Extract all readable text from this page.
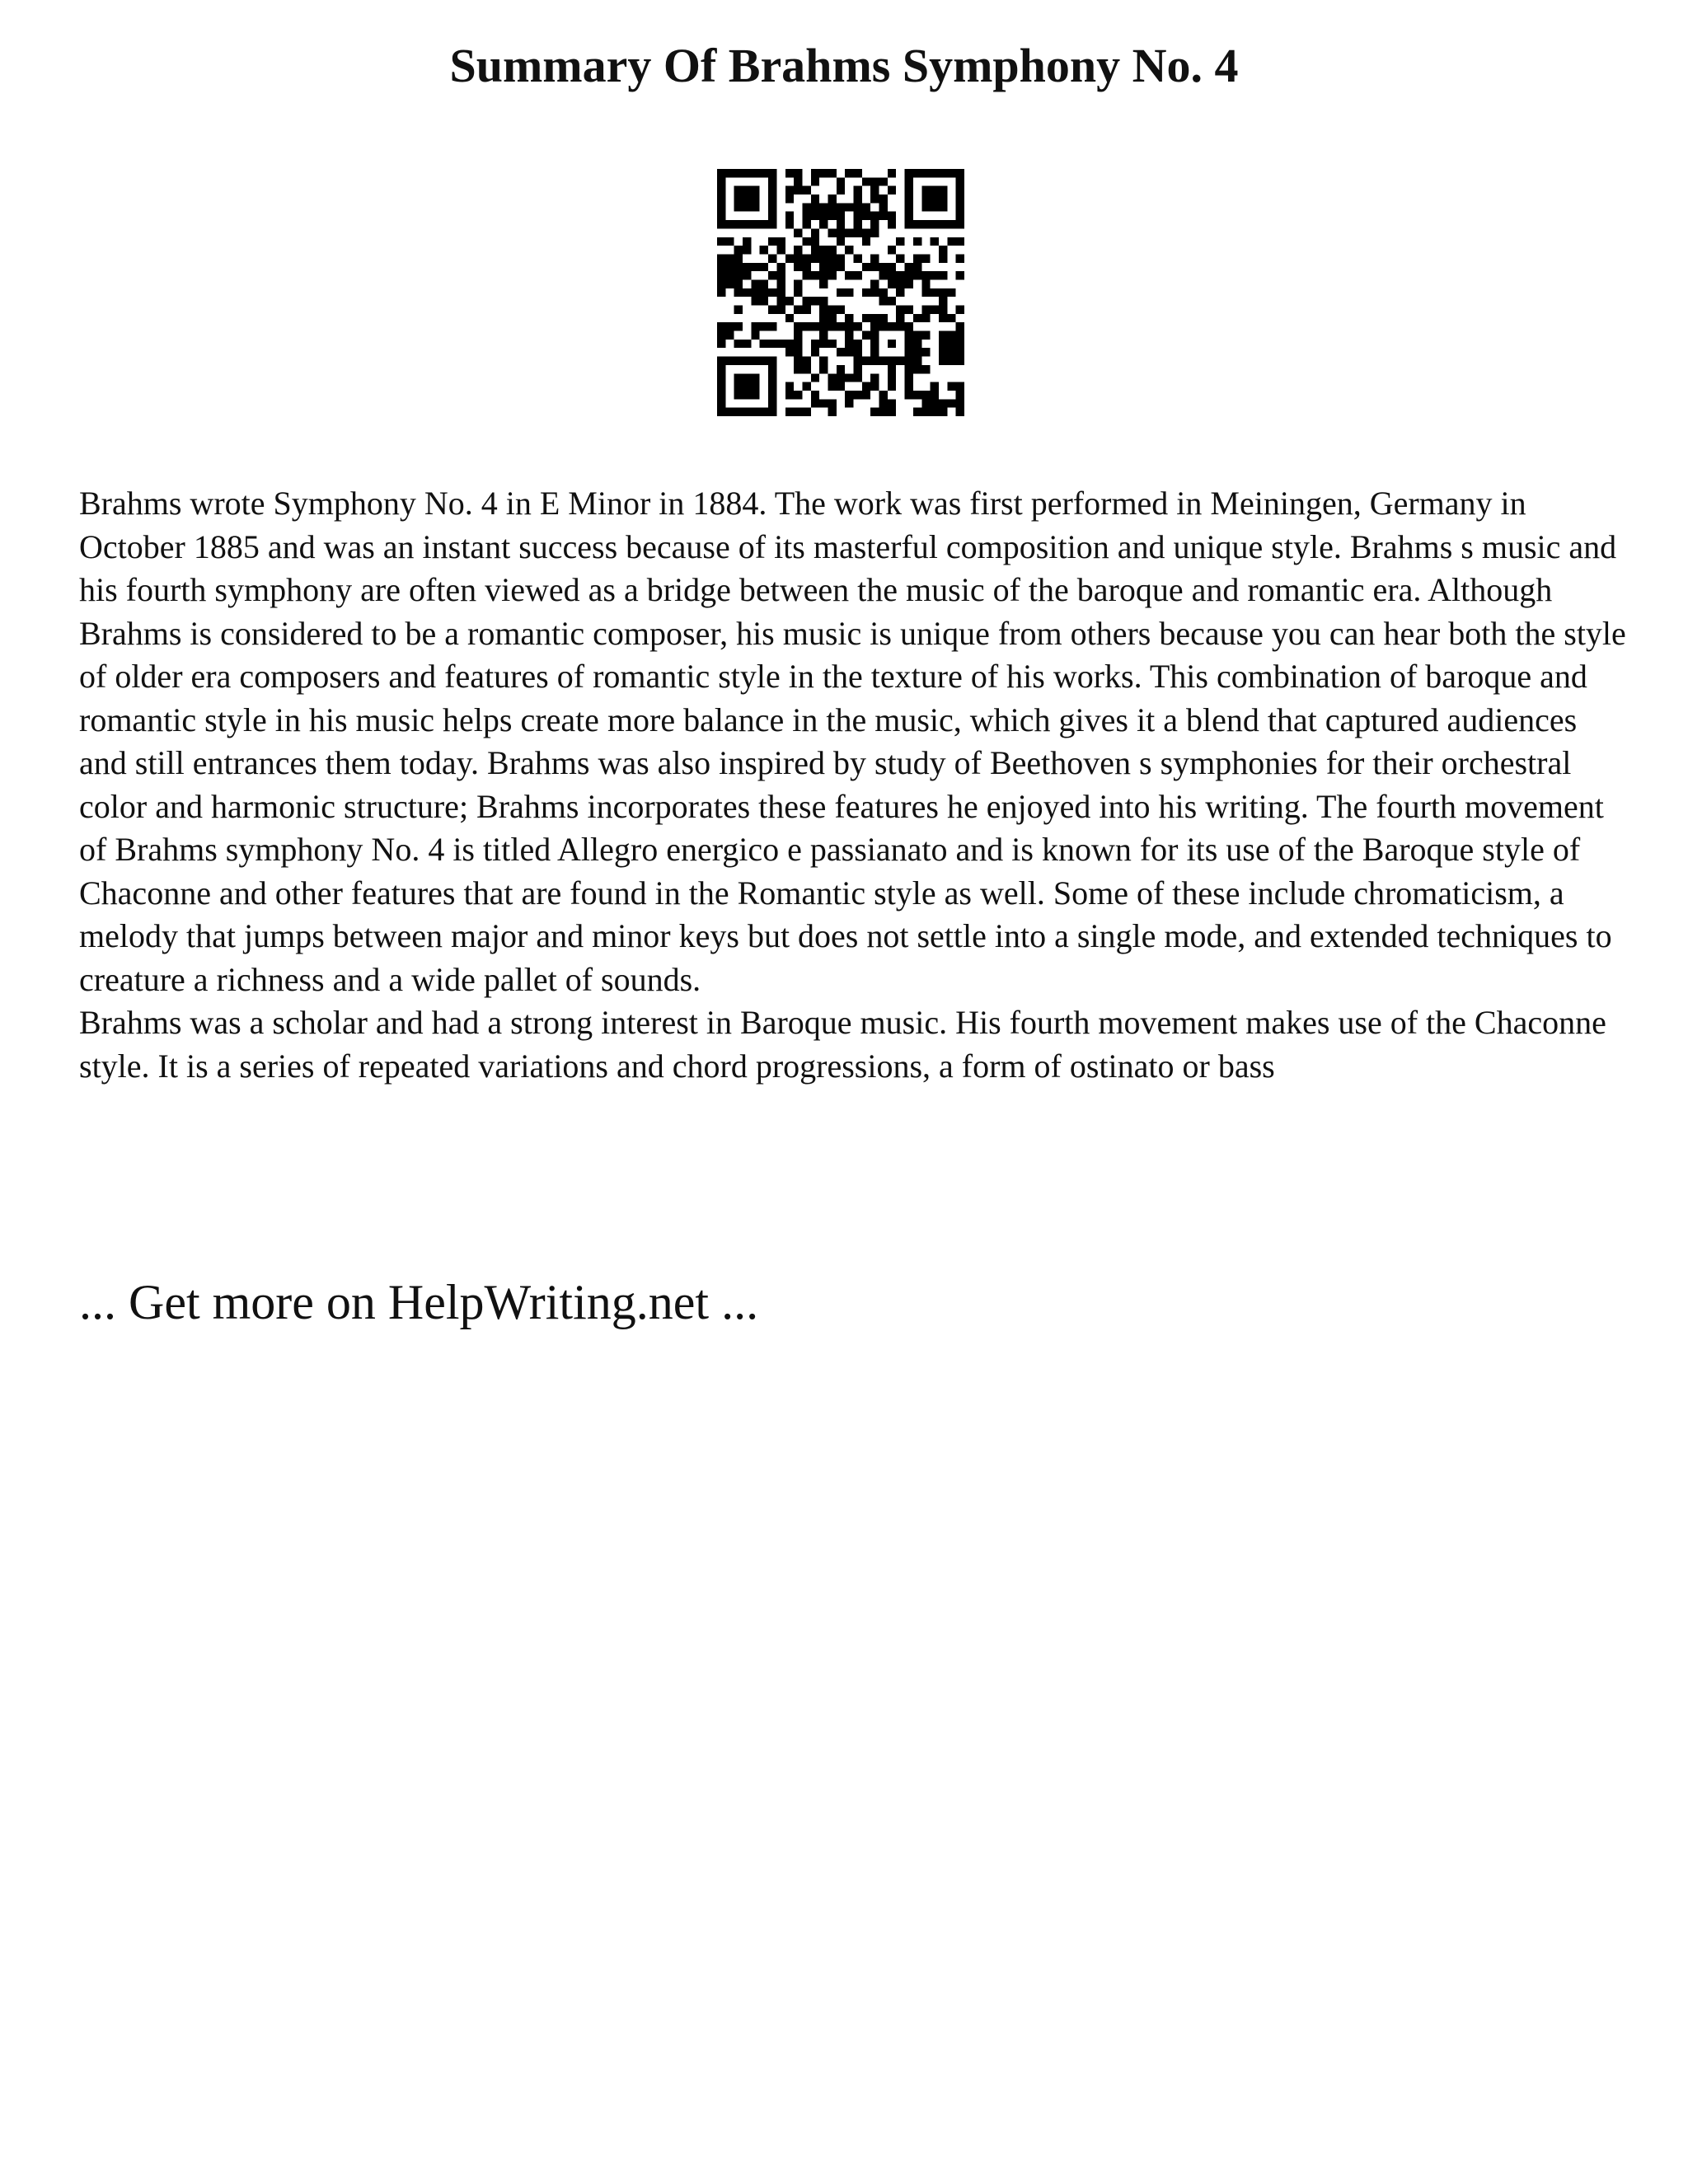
Summary Of Brahms Symphony No. 4

Brahms wrote Symphony No. 4 in E Minor in 1884. The work was first performed in Meiningen, Germany in October 1885 and was an instant success because of its masterful composition and unique style. Brahms s music and his fourth symphony are often viewed as a bridge between the music of the baroque and romantic era. Although Brahms is considered to be a romantic composer, his music is unique from others because you can hear both the style of older era composers and features of romantic style in the texture of his works. This combination of baroque and romantic style in his music helps create more balance in the music, which gives it a blend that captured audiences and still entrances them today. Brahms was also inspired by study of Beethoven s symphonies for their orchestral color and harmonic structure; Brahms incorporates these features he enjoyed into his writing. The fourth movement of Brahms symphony No. 4 is titled Allegro energico e passianato and is known for its use of the Baroque style of Chaconne and other features that are found in the Romantic style as well. Some of these include chromaticism, a melody that jumps between major and minor keys but does not settle into a single mode, and extended techniques to creature a richness and a wide pallet of sounds.

Brahms was a scholar and had a strong interest in Baroque music. His fourth movement makes use of the Chaconne style. It is a series of repeated variations and chord progressions, a form of ostinato or bass

... Get more on HelpWriting.net ...
